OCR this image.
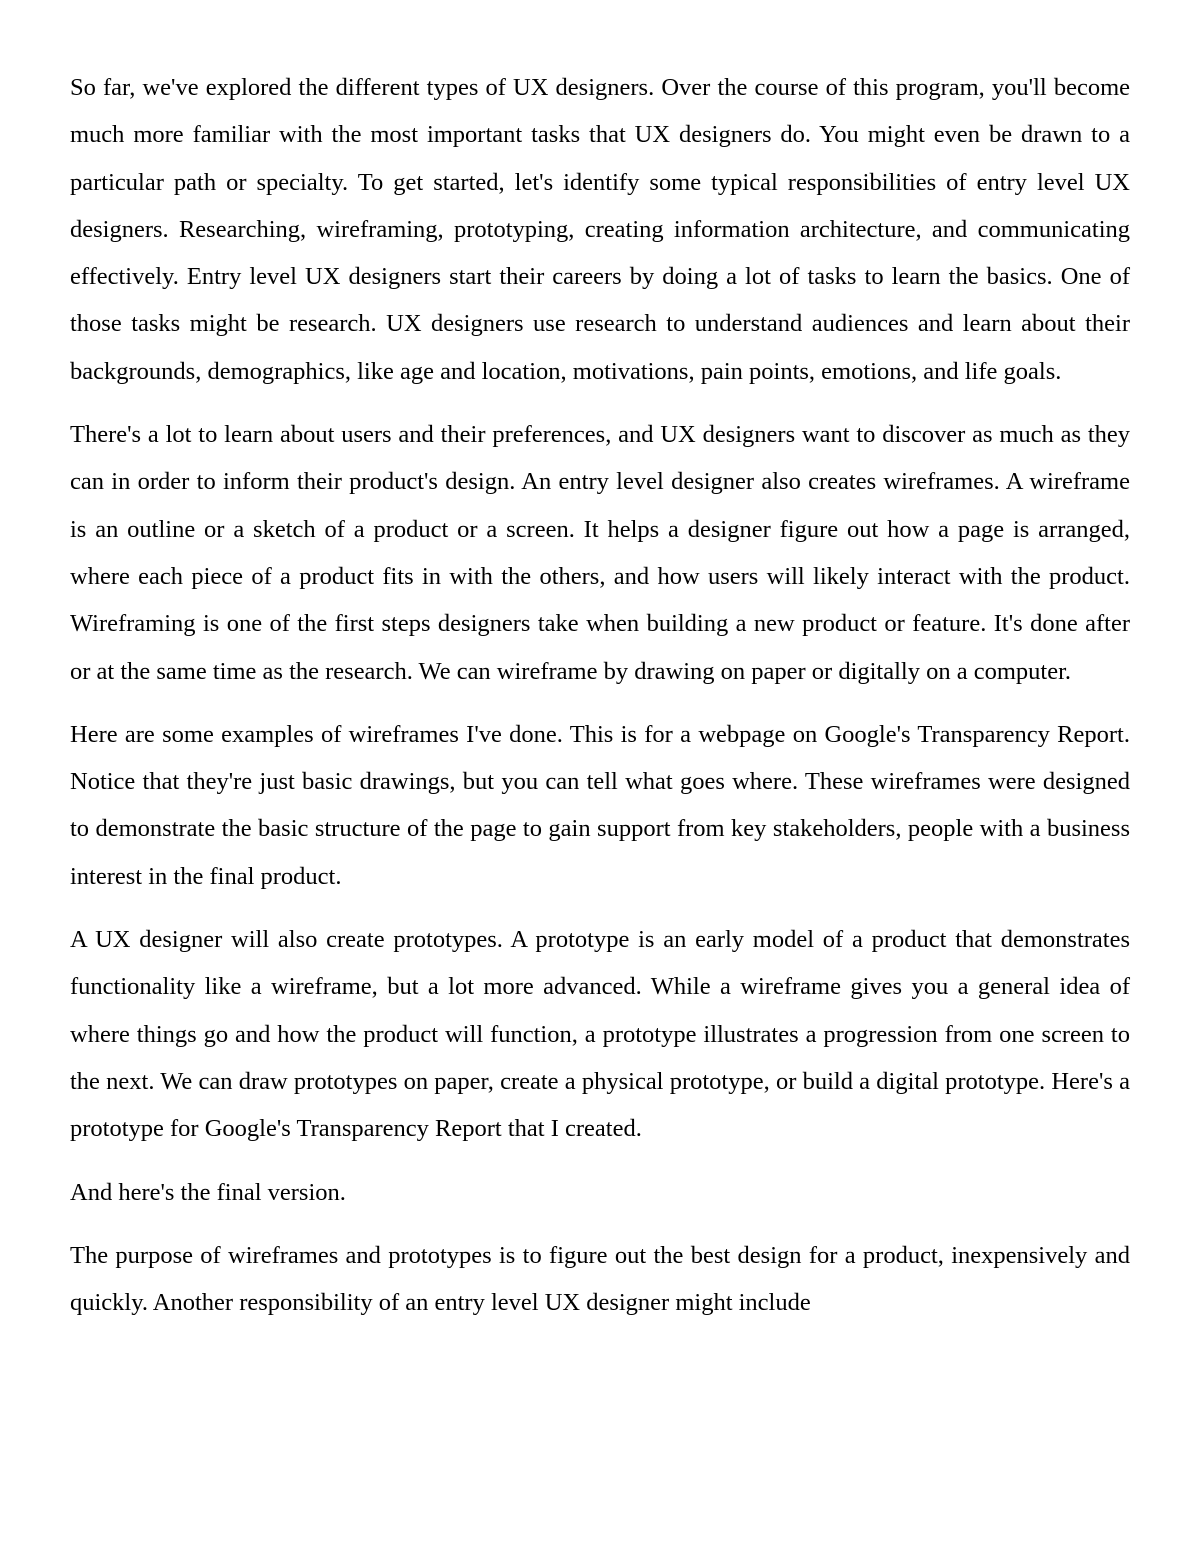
So far, we've explored the different types of UX designers. Over the course of this program, you'll become much more familiar with the most important tasks that UX designers do. You might even be drawn to a particular path or specialty. To get started, let's identify some typical responsibilities of entry level UX designers. Researching, wireframing, prototyping, creating information architecture, and communicating effectively. Entry level UX designers start their careers by doing a lot of tasks to learn the basics. One of those tasks might be research. UX designers use research to understand audiences and learn about their backgrounds, demographics, like age and location, motivations, pain points, emotions, and life goals.

There's a lot to learn about users and their preferences, and UX designers want to discover as much as they can in order to inform their product's design. An entry level designer also creates wireframes. A wireframe is an outline or a sketch of a product or a screen. It helps a designer figure out how a page is arranged, where each piece of a product fits in with the others, and how users will likely interact with the product. Wireframing is one of the first steps designers take when building a new product or feature. It's done after or at the same time as the research. We can wireframe by drawing on paper or digitally on a computer.

Here are some examples of wireframes I've done. This is for a webpage on Google's Transparency Report. Notice that they're just basic drawings, but you can tell what goes where. These wireframes were designed to demonstrate the basic structure of the page to gain support from key stakeholders, people with a business interest in the final product.

A UX designer will also create prototypes. A prototype is an early model of a product that demonstrates functionality like a wireframe, but a lot more advanced. While a wireframe gives you a general idea of where things go and how the product will function, a prototype illustrates a progression from one screen to the next. We can draw prototypes on paper, create a physical prototype, or build a digital prototype. Here's a prototype for Google's Transparency Report that I created.

And here's the final version.

The purpose of wireframes and prototypes is to figure out the best design for a product, inexpensively and quickly. Another responsibility of an entry level UX designer might include
